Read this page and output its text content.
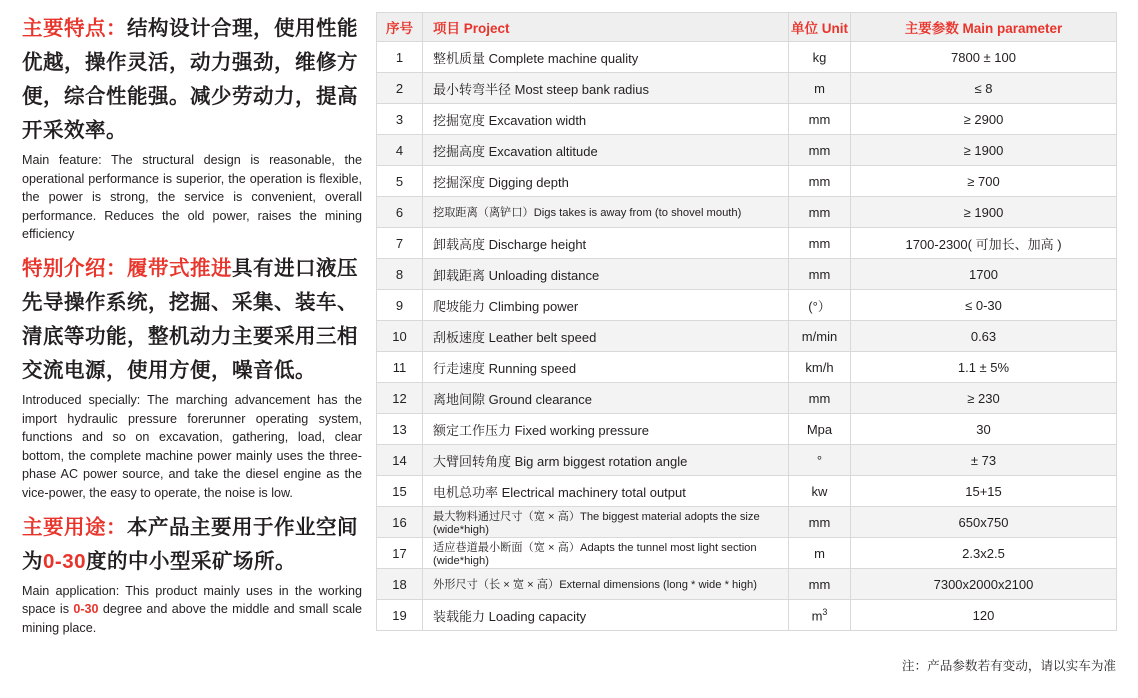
主要特点：结构设计合理，使用性能优越，操作灵活，动力强劲，维修方便，综合性能强。减少劳动力，提高开采效率。
Main feature: The structural design is reasonable, the operational performance is superior, the operation is flexible, the power is strong, the service is convenient, overall performance. Reduces the old power, raises the mining efficiency
特别介绍：履带式推进具有进口液压先导操作系统，挖掘、采集、装车、清底等功能，整机动力主要采用三相交流电源，使用方便，噪音低。
Introduced specially: The marching advancement has the import hydraulic pressure forerunner operating system, functions and so on excavation, gathering, load, clear bottom, the complete machine power mainly uses the three-phase AC power source, and take the diesel engine as the vice-power, the easy to operate, the noise is low.
主要用途：本产品主要用于作业空间为0-30度的中小型采矿场所。
Main application: This product mainly uses in the working space is 0-30 degree and above the middle and small scale mining place.
序号	项目 Project	单位 Unit	主要参数 Main parameter
1	整机质量 Complete machine quality	kg	7800 ± 100
2	最小转弯半径 Most steep bank radius	m	≤ 8
3	挖掘宽度 Excavation width	mm	≥ 2900
4	挖掘高度 Excavation altitude	mm	≥ 1900
5	挖掘深度 Digging depth	mm	≥ 700
6	挖取距离（离铲口）Digs takes is away from (to shovel mouth)	mm	≥ 1900
7	卸载高度 Discharge height	mm	1700-2300( 可加长、加高 )
8	卸载距离 Unloading distance	mm	1700
9	爬坡能力 Climbing power	(°）	≤ 0-30
10	刮板速度 Leather belt speed	m/min	0.63
11	行走速度 Running speed	km/h	1.1 ± 5%
12	离地间隙 Ground clearance	mm	≥ 230
13	额定工作压力 Fixed working pressure	Mpa	30
14	大臂回转角度 Big arm biggest rotation angle	°	± 73
15	电机总功率 Electrical machinery total output	kw	15+15
16	最大物料通过尺寸（宽 × 高）The biggest material adopts the size (wide*high)	mm	650x750
17	适应巷道最小断面（宽 × 高）Adapts the tunnel most light section (wide*high)	m	2.3x2.5
18	外形尺寸（长 × 宽 × 高）External dimensions (long * wide * high)	mm	7300x2000x2100
19	装载能力 Loading capacity	$m^3$	120
注：产品参数若有变动，请以实车为准
